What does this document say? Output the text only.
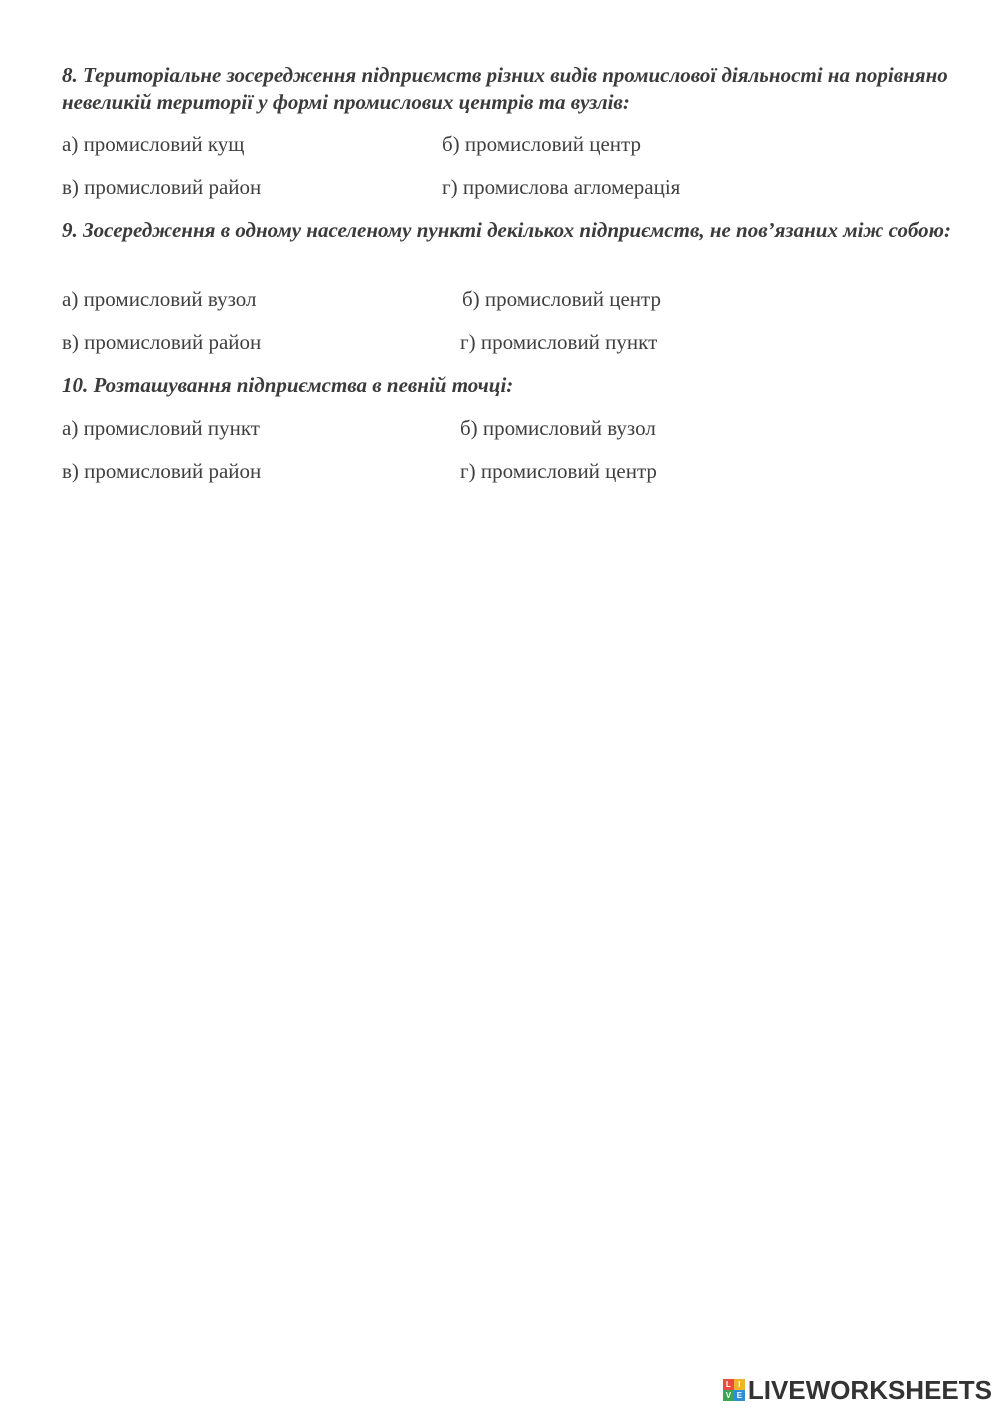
8. Територіальне зосередження підприємств різних видів промислової діяльності на порівняно невеликій території у формі промислових центрів та вузлів:
а) промисловий кущ	б) промисловий центр
в) промисловий район	г) промислова агломерація
9. Зосередження в одному населеному пункті декількох підприємств, не пов’язаних між собою:
а) промисловий вузол	б) промисловий центр
в) промисловий район	г) промисловий пункт
10. Розташування підприємства в певній точці:
а) промисловий пункт	б) промисловий вузол
в) промисловий район	г) промисловий центр
L I
V E LIVEWORKSHEETS
